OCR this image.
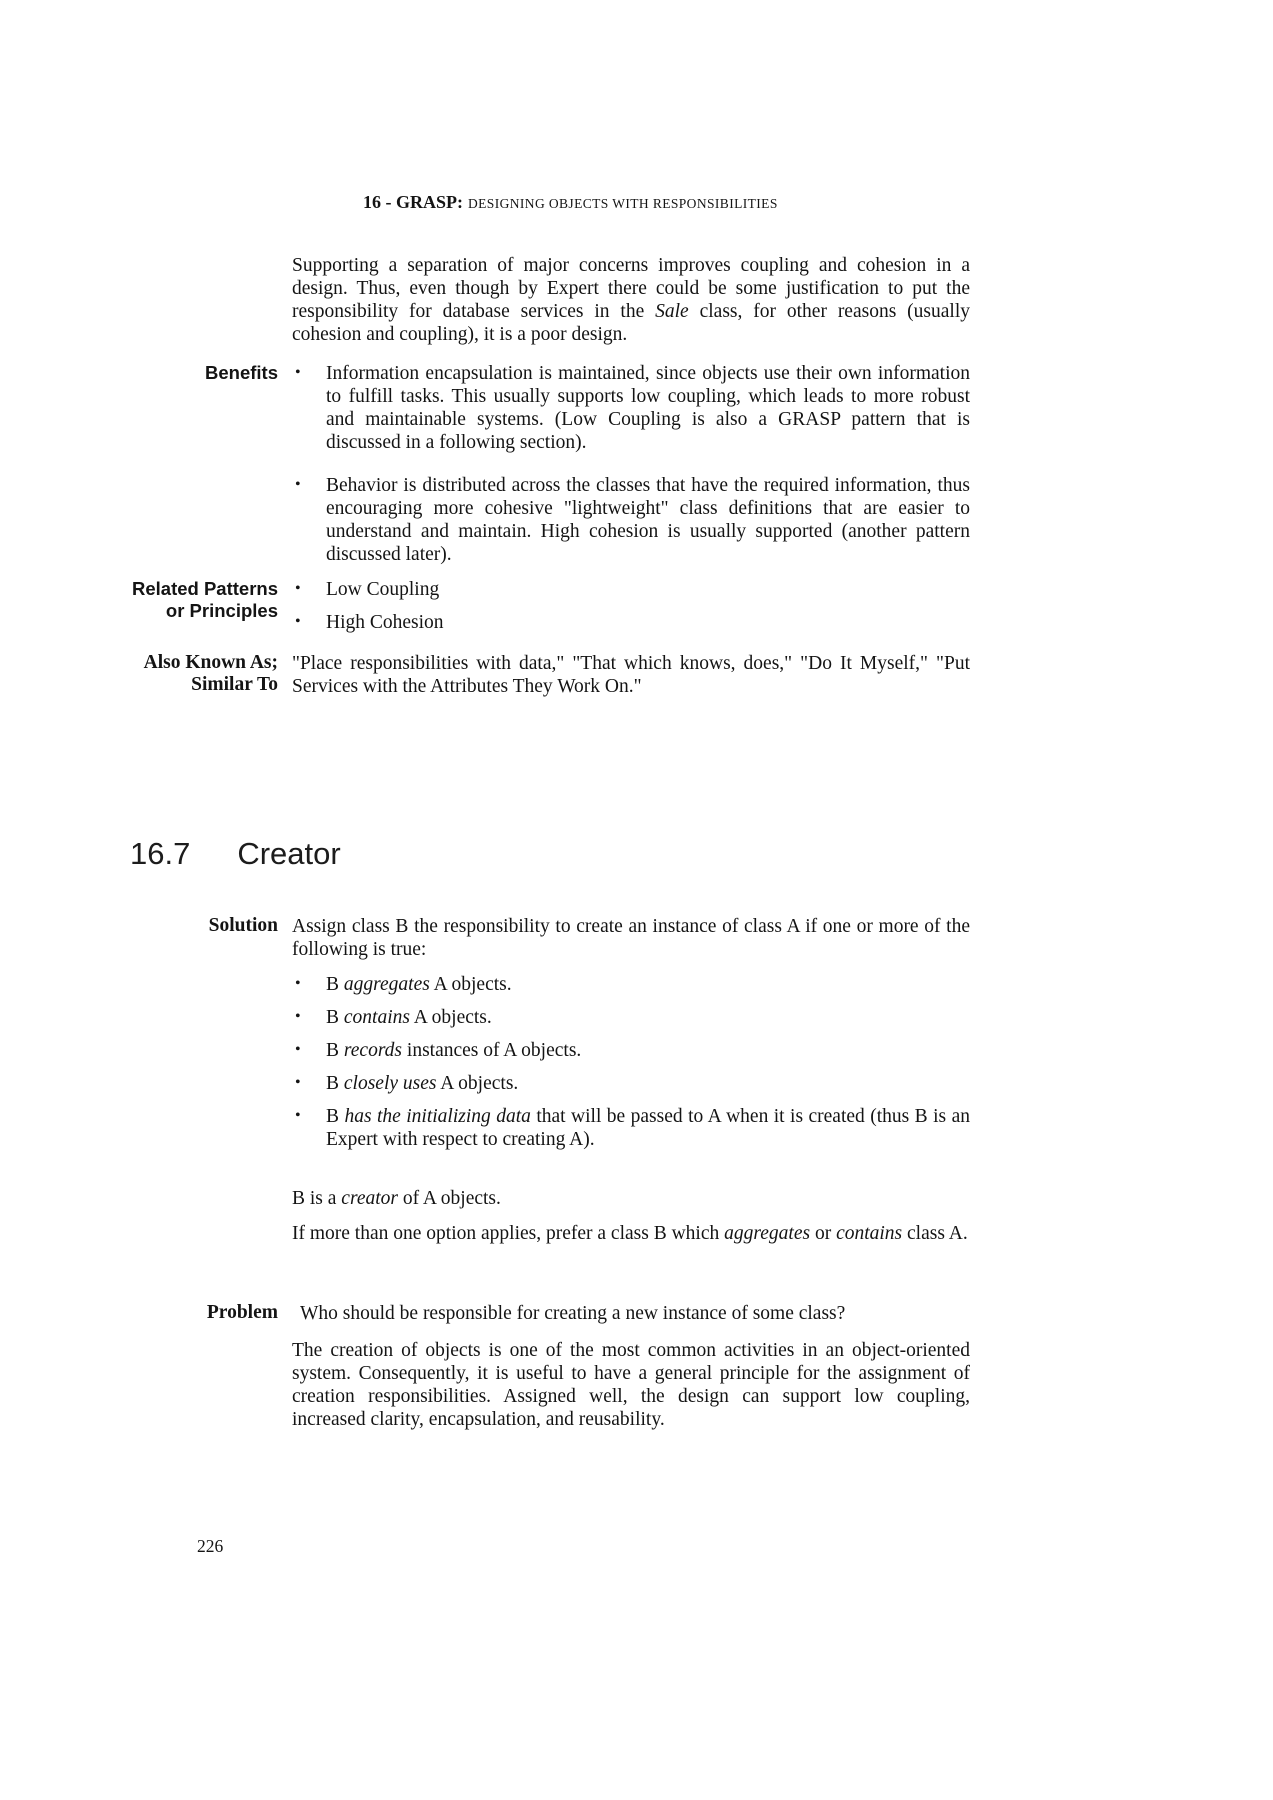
16 - GRASP: DESIGNING OBJECTS WITH RESPONSIBILITIES
Supporting a separation of major concerns improves coupling and cohesion in a design. Thus, even though by Expert there could be some justification to put the responsibility for database services in the Sale class, for other reasons (usually cohesion and coupling), it is a poor design.
Benefits • Information encapsulation is maintained, since objects use their own information to fulfill tasks. This usually supports low coupling, which leads to more robust and maintainable systems. (Low Coupling is also a GRASP pattern that is discussed in a following section).
• Behavior is distributed across the classes that have the required information, thus encouraging more cohesive "lightweight" class definitions that are easier to understand and maintain. High cohesion is usually supported (another pattern discussed later).
Related Patterns
or Principles
• Low Coupling
• High Cohesion
Also Known As;
Similar To
"Place responsibilities with data," "That which knows, does," "Do It Myself," "Put Services with the Attributes They Work On."
16.7 Creator
Solution Assign class B the responsibility to create an instance of class A if one or more of the following is true:
• B aggregates A objects.
• B contains A objects.
• B records instances of A objects.
• B closely uses A objects.
• B has the initializing data that will be passed to A when it is created (thus B is an Expert with respect to creating A).
B is a creator of A objects.
If more than one option applies, prefer a class B which aggregates or contains class A.
Problem	Who should be responsible for creating a new instance of some class?
The creation of objects is one of the most common activities in an object-oriented system. Consequently, it is useful to have a general principle for the assignment of creation responsibilities. Assigned well, the design can support low coupling, increased clarity, encapsulation, and reusability.
226
